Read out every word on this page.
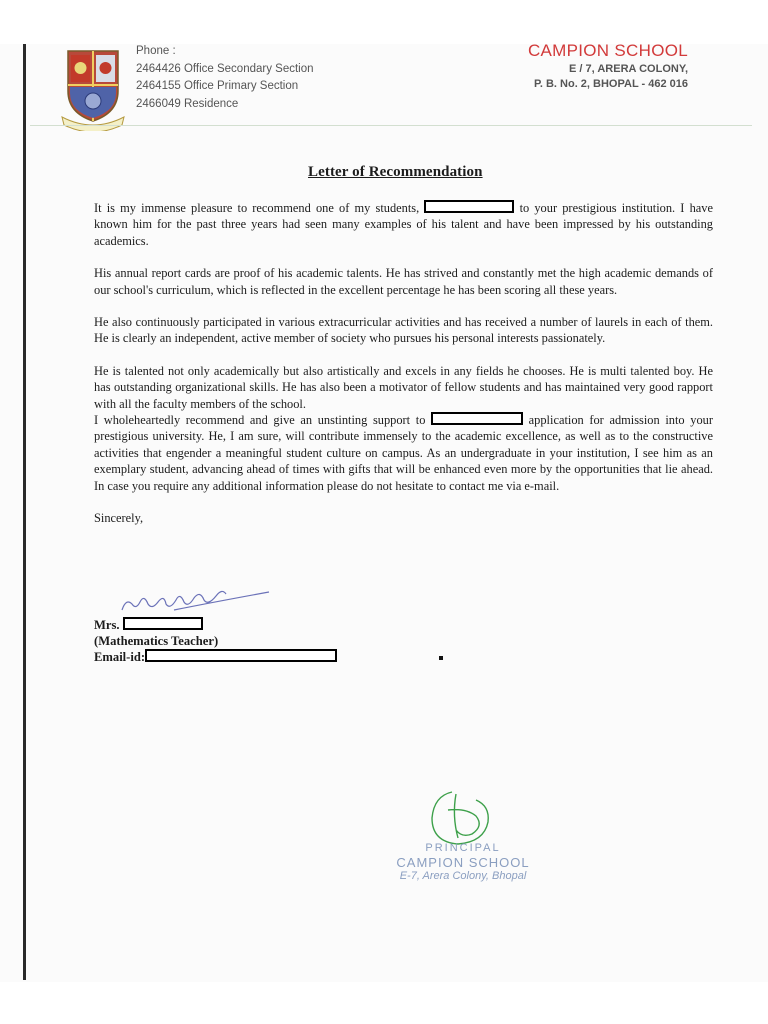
Phone :
2464426 Office Secondary Section
2464155 Office Primary Section
2466049 Residence
CAMPION SCHOOL
E / 7, ARERA COLONY,
P. B. No. 2, BHOPAL - 462 016
Letter of Recommendation

It is my immense pleasure to recommend one of my students,	to your prestigious institution. I have known him for the past three years had seen many examples of his talent and have been impressed by his outstanding academics.

His annual report cards are proof of his academic talents. He has strived and constantly met the high academic demands of our school's curriculum, which is reflected in the excellent percentage he has been scoring all these years.

He also continuously participated in various extracurricular activities and has received a number of laurels in each of them. He is clearly an independent, active member of society who pursues his personal interests passionately.

He is talented not only academically but also artistically and excels in any fields he chooses. He is multi talented boy. He has outstanding organizational skills. He has also been a motivator of fellow students and has maintained very good rapport with all the faculty members of the school.

I wholeheartedly recommend and give an unstinting support to	application for admission into your prestigious university. He, I am sure, will contribute immensely to the academic excellence, as well as to the constructive activities that engender a meaningful student culture on campus. As an undergraduate in your institution, I see him as an exemplary student, advancing ahead of times with gifts that will be enhanced even more by the opportunities that lie ahead. In case you require any additional information please do not hesitate to contact me via e-mail.

Sincerely,

Mrs.
(Mathematics Teacher)
Email-id:
PRINCIPAL
CAMPION SCHOOL
E-7, Arera Colony, Bhopal
